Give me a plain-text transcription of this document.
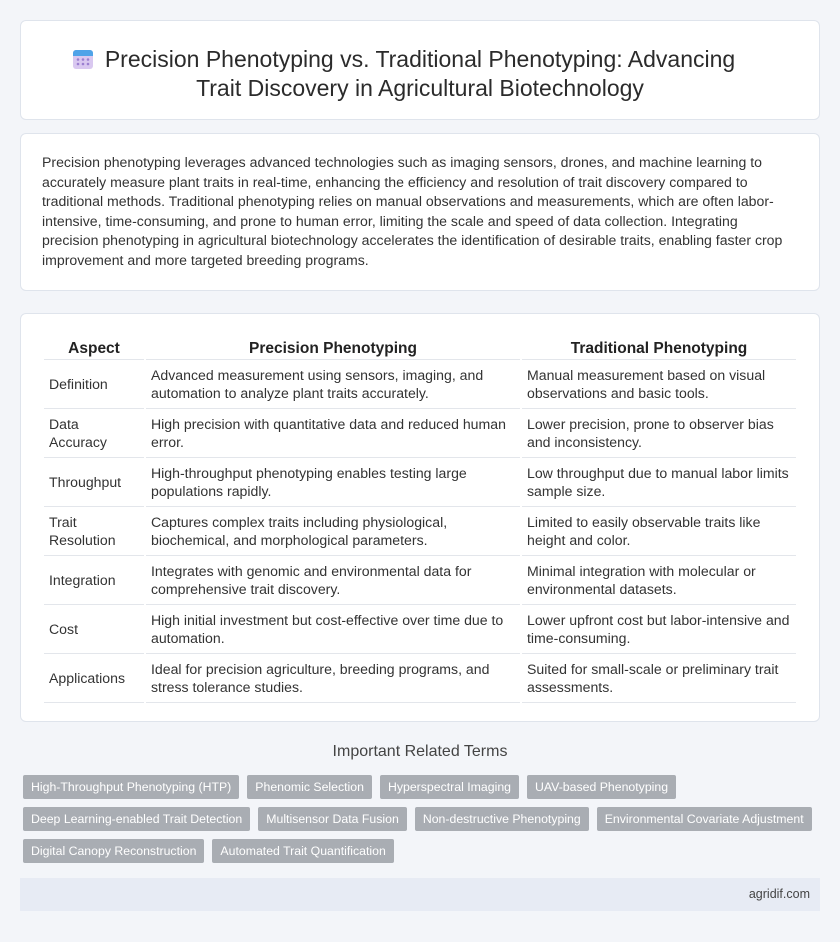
Precision Phenotyping vs. Traditional Phenotyping: Advancing
Trait Discovery in Agricultural Biotechnology

Precision phenotyping leverages advanced technologies such as imaging sensors, drones, and machine learning to accurately measure plant traits in real-time, enhancing the efficiency and resolution of trait discovery compared to traditional methods. Traditional phenotyping relies on manual observations and measurements, which are often labor-intensive, time-consuming, and prone to human error, limiting the scale and speed of data collection. Integrating precision phenotyping in agricultural biotechnology accelerates the identification of desirable traits, enabling faster crop improvement and more targeted breeding programs.

Aspect	Precision Phenotyping	Traditional Phenotyping
Definition	Advanced measurement using sensors, imaging, and automation to analyze plant traits accurately.	Manual measurement based on visual observations and basic tools.
Data Accuracy	High precision with quantitative data and reduced human error.	Lower precision, prone to observer bias and inconsistency.
Throughput	High-throughput phenotyping enables testing large populations rapidly.	Low throughput due to manual labor limits sample size.
Trait Resolution	Captures complex traits including physiological, biochemical, and morphological parameters.	Limited to easily observable traits like height and color.
Integration	Integrates with genomic and environmental data for comprehensive trait discovery.	Minimal integration with molecular or environmental datasets.
Cost	High initial investment but cost-effective over time due to automation.	Lower upfront cost but labor-intensive and time-consuming.
Applications	Ideal for precision agriculture, breeding programs, and stress tolerance studies.	Suited for small-scale or preliminary trait assessments.
Important Related Terms
High-Throughput Phenotyping (HTP)	Phenomic Selection	Hyperspectral Imaging	UAV-based Phenotyping
Deep Learning-enabled Trait Detection	Multisensor Data Fusion	Non-destructive Phenotyping	Environmental Covariate Adjustment
Digital Canopy Reconstruction	Automated Trait Quantification
agridif.com
